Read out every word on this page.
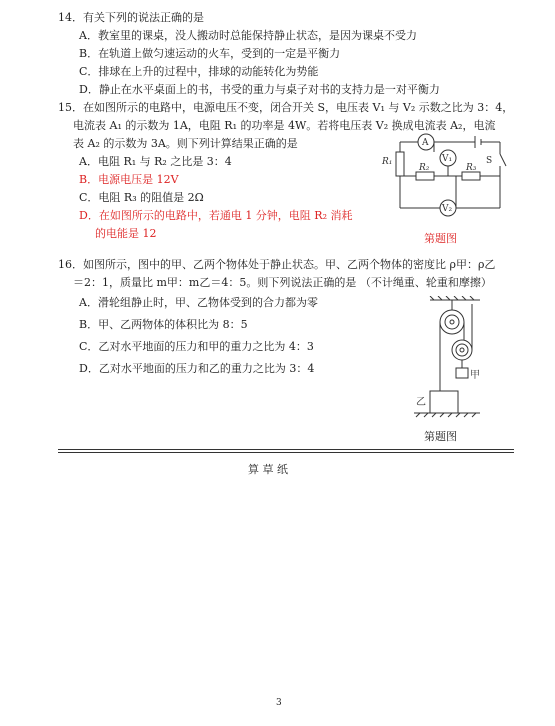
14．有关下列的说法正确的是
A．教室里的课桌，没人搬动时总能保持静止状态，是因为课桌不受力
B．在轨道上做匀速运动的火车，受到的一定是平衡力
C．排球在上升的过程中，排球的动能转化为势能
D．静止在水平桌面上的书，书受的重力与桌子对书的支持力是一对平衡力
15．在如图所示的电路中，电源电压不变，闭合开关 S，电压表 V₁ 与 V₂ 示数之比为 3：4，
电流表 A₁ 的示数为 1A，电阻 R₁ 的功率是 4W。若将电压表 V₂ 换成电流表 A₂，电流
表 A₂ 的示数为 3A。则下列计算结果正确的是
A．电阻 R₁ 与 R₂ 之比是 3：4
B．电源电压是 12V
C．电阻 R₃ 的阻值是 2Ω
D．在如图所示的电路中，若通电 1 分钟，电阻 R₂ 消耗
的电能是 12
A
V₁
V₂
R₁
R₂	R₃
S
第题图
16．如图所示，图中的甲、乙两个物体处于静止状态。甲、乙两个物体的密度比 ρ甲：ρ乙
＝2：1，质量比 m甲：m乙＝4：5。则下列说法正确的是 （不计绳重、轮重和摩擦）
A．滑轮组静止时，甲、乙物体受到的合力都为零
B．甲、乙两物体的体积比为 8：5
C．乙对水平地面的压力和甲的重力之比为 4：3
D．乙对水平地面的压力和乙的重力之比为 3：4
甲
乙
第题图
算 草 纸
3
